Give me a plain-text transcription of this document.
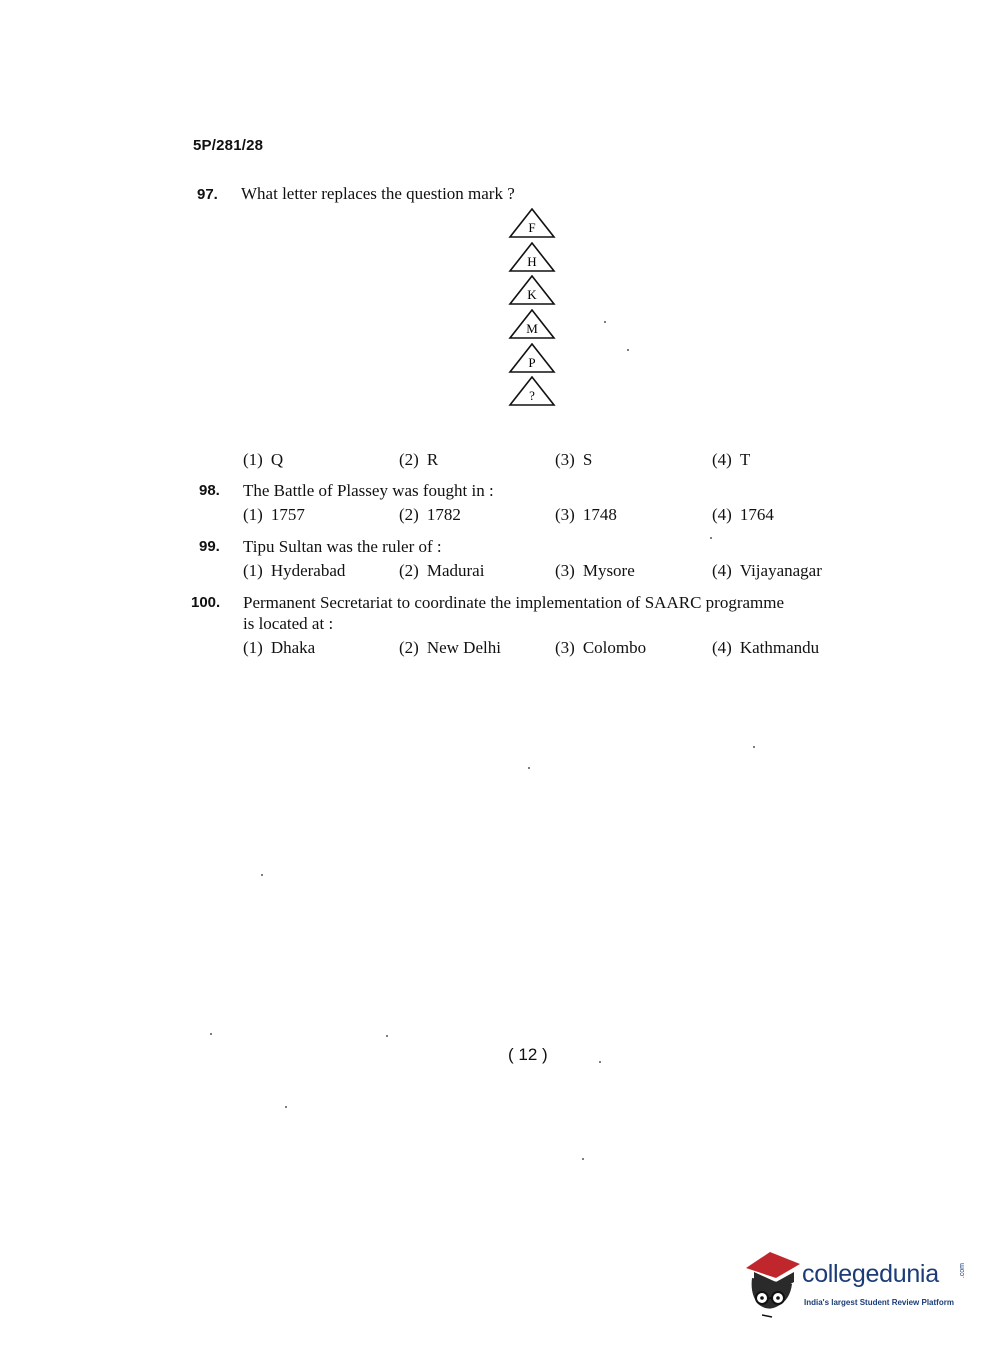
5P/281/28
97. What letter replaces the question mark ?
F
H
K
M
P
?
(1) Q	(2) R	(3) S	(4) T
98. The Battle of Plassey was fought in :
(1) 1757	(2) 1782	(3) 1748	(4) 1764
99. Tipu Sultan was the ruler of :
(1) Hyderabad	(2) Madurai	(3) Mysore	(4) Vijayanagar
100. Permanent Secretariat to coordinate the implementation of SAARC programme
is located at :
(1) Dhaka	(2) New Delhi	(3) Colombo	(4) Kathmandu
( 12 )
collegedunia	.com
India's largest Student Review Platform
